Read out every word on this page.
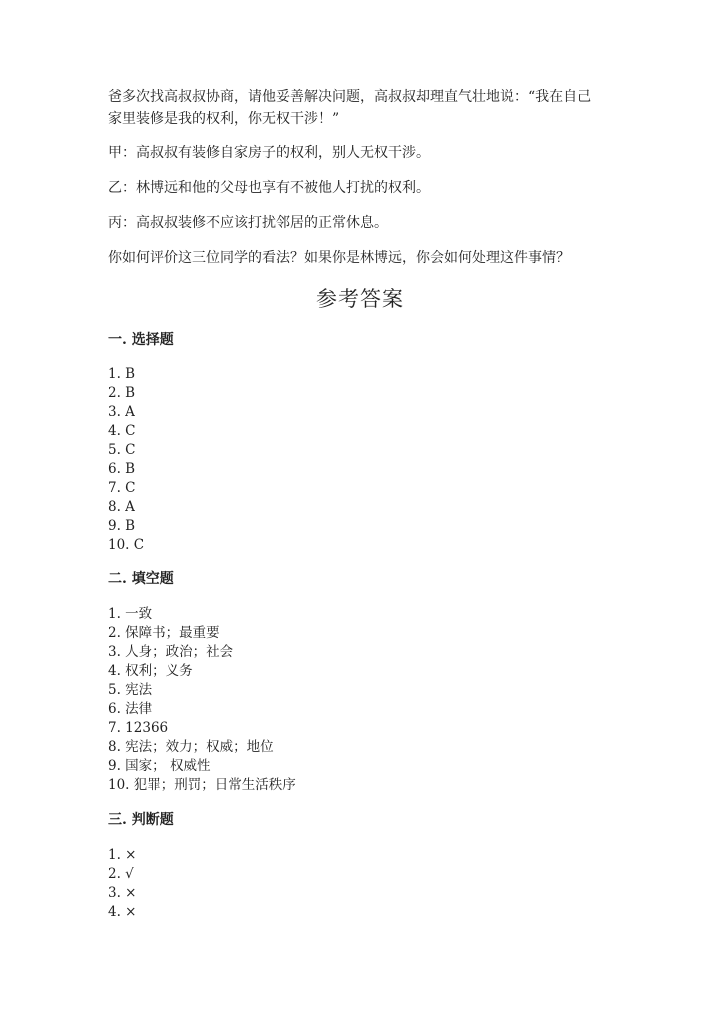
爸多次找高叔叔协商，请他妥善解决问题，高叔叔却理直气壮地说：“我在自己
家里装修是我的权利，你无权干涉！”
甲：高叔叔有装修自家房子的权利，别人无权干涉。
乙：林博远和他的父母也享有不被他人打扰的权利。
丙：高叔叔装修不应该打扰邻居的正常休息。
你如何评价这三位同学的看法？如果你是林博远，你会如何处理这件事情？
参考答案
一. 选择题
1. B
2. B
3. A
4. C
5. C
6. B
7. C
8. A
9. B
10. C
二. 填空题
1. 一致
2. 保障书；最重要
3. 人身；政治；社会
4. 权利；义务
5. 宪法
6. 法律
7. 12366
8. 宪法；效力；权威；地位
9. 国家； 权威性
10. 犯罪；刑罚；日常生活秩序
三. 判断题
1. ×
2. √
3. ×
4. ×
